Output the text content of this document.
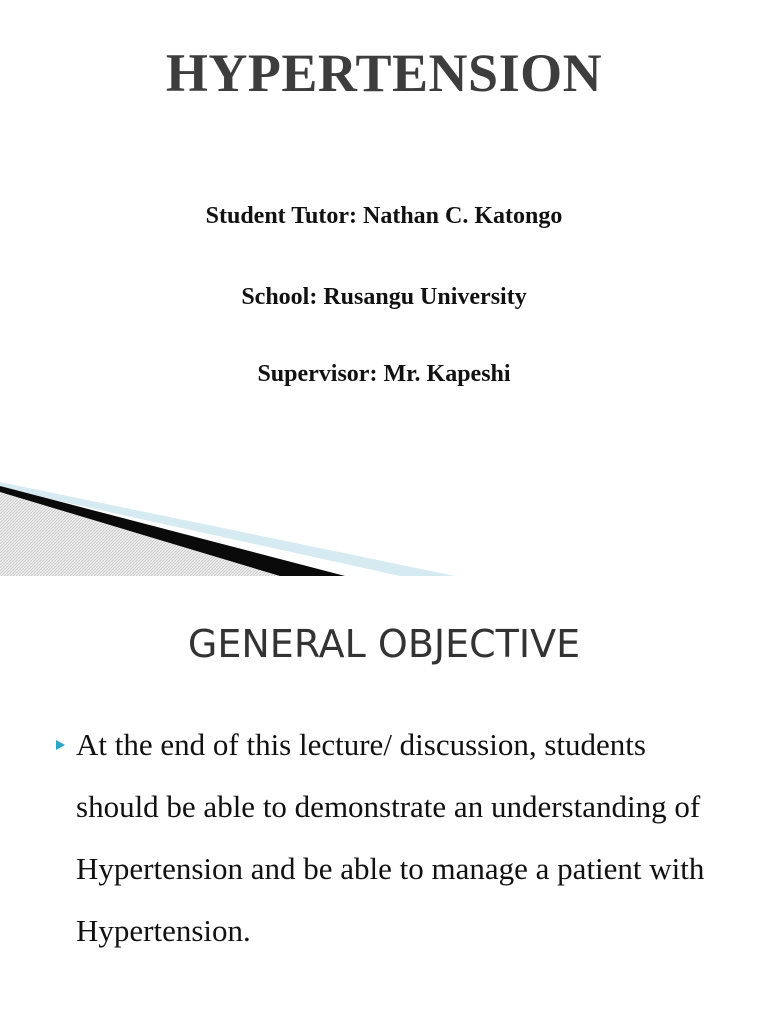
HYPERTENSION
Student Tutor: Nathan C. Katongo
School: Rusangu University
Supervisor: Mr. Kapeshi
GENERAL OBJECTIVE
At the end of this lecture/ discussion, students should be able to demonstrate an understanding of Hypertension and be able to manage a patient with Hypertension.
